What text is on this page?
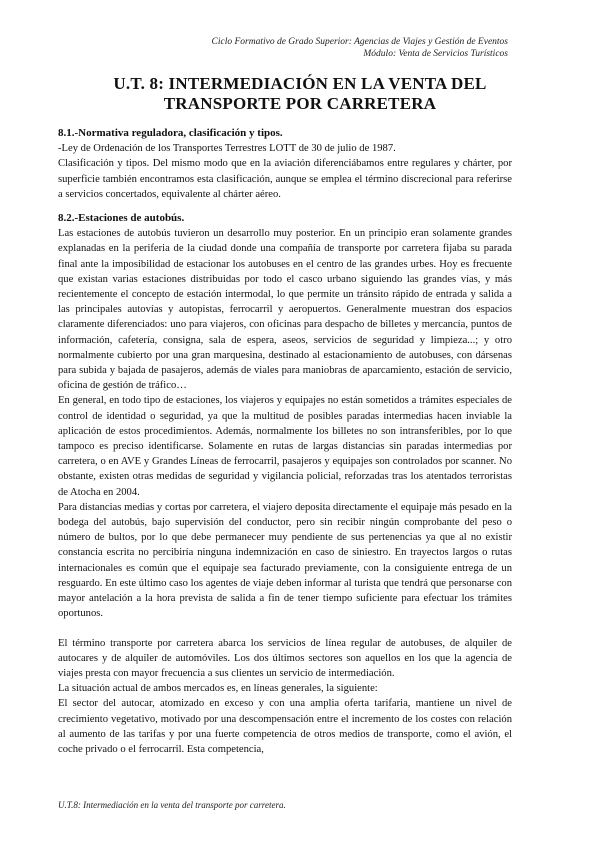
Ciclo Formativo de Grado Superior: Agencias de Viajes y Gestión de Eventos
Módulo: Venta de Servicios Turísticos
U.T. 8: INTERMEDIACIÓN EN LA VENTA DEL
TRANSPORTE POR CARRETERA
8.1.-Normativa reguladora, clasificación y tipos.

-Ley de Ordenación de los Transportes Terrestres LOTT de 30 de julio de 1987.

Clasificación y tipos. Del mismo modo que en la aviación diferenciábamos entre regulares y chárter, por superficie también encontramos esta clasificación, aunque se emplea el término discrecional para referirse a servicios concertados, equivalente al chárter aéreo.

8.2.-Estaciones de autobús.

Las estaciones de autobús tuvieron un desarrollo muy posterior. En un principio eran solamente grandes explanadas en la periferia de la ciudad donde una compañía de transporte por carretera fijaba su parada final ante la imposibilidad de estacionar los autobuses en el centro de las grandes urbes. Hoy es frecuente que existan varias estaciones distribuidas por todo el casco urbano siguiendo las grandes vías, y más recientemente el concepto de estación intermodal, lo que permite un tránsito rápido de entrada y salida a las principales autovías y autopistas, ferrocarril y aeropuertos. Generalmente muestran dos espacios claramente diferenciados: uno para viajeros, con oficinas para despacho de billetes y mercancía, puntos de información, cafetería, consigna, sala de espera, aseos, servicios de seguridad y limpieza...; y otro normalmente cubierto por una gran marquesina, destinado al estacionamiento de autobuses, con dársenas para subida y bajada de pasajeros, además de viales para maniobras de aparcamiento, estación de servicio, oficina de gestión de tráfico…

En general, en todo tipo de estaciones, los viajeros y equipajes no están sometidos a trámites especiales de control de identidad o seguridad, ya que la multitud de posibles paradas intermedias hacen inviable la aplicación de estos procedimientos. Además, normalmente los billetes no son intransferibles, por lo que tampoco es preciso identificarse. Solamente en rutas de largas distancias sin paradas intermedias por carretera, o en AVE y Grandes Líneas de ferrocarril, pasajeros y equipajes son controlados por scanner. No obstante, existen otras medidas de seguridad y vigilancia policial, reforzadas tras los atentados terroristas de Atocha en 2004.

Para distancias medias y cortas por carretera, el viajero deposita directamente el equipaje más pesado en la bodega del autobús, bajo supervisión del conductor, pero sin recibir ningún comprobante del peso o número de bultos, por lo que debe permanecer muy pendiente de sus pertenencias ya que al no existir constancia escrita no percibiría ninguna indemnización en caso de siniestro. En trayectos largos o rutas internacionales es común que el equipaje sea facturado previamente, con la consiguiente entrega de un resguardo. En este último caso los agentes de viaje deben informar al turista que tendrá que personarse con mayor antelación a la hora prevista de salida a fin de tener tiempo suficiente para efectuar los trámites oportunos.

El término transporte por carretera abarca los servicios de línea regular de autobuses, de alquiler de autocares y de alquiler de automóviles. Los dos últimos sectores son aquellos en los que la agencia de viajes presta con mayor frecuencia a sus clientes un servicio de intermediación.

La situación actual de ambos mercados es, en líneas generales, la siguiente:

El sector del autocar, atomizado en exceso y con una amplia oferta tarifaria, mantiene un nivel de crecimiento vegetativo, motivado por una descompensación entre el incremento de los costes con relación al aumento de las tarifas y por una fuerte competencia de otros medios de transporte, como el avión, el coche privado o el ferrocarril. Esta competencia,

U.T.8: Intermediación en la venta del transporte por carretera.
